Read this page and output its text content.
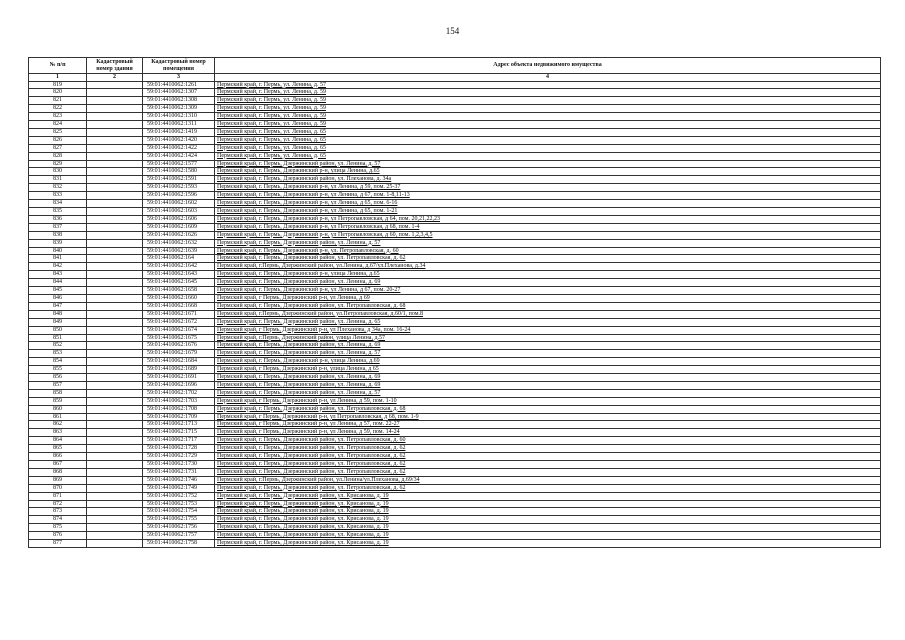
154
№ п/п	Кадастровый номер здания	Кадастровый номер помещения	Адрес объекта недвижимого имущества
1	2	3	4
819		59:01:4410062:1261	Пермский край, г. Пермь, ул. Ленина, д. 57
820		59:01:4410062:1307	Пермский край, г. Пермь, ул. Ленина, д. 59
821		59:01:4410062:1308	Пермский край, г. Пермь, ул. Ленина, д. 59
822		59:01:4410062:1309	Пермский край, г. Пермь, ул. Ленина, д. 59
823		59:01:4410062:1310	Пермский край, г. Пермь, ул. Ленина, д. 59
824		59:01:4410062:1311	Пермский край, г. Пермь, ул. Ленина, д. 59
825		59:01:4410062:1419	Пермский край, г. Пермь, ул. Ленина, д. 65
826		59:01:4410062:1420	Пермский край, г. Пермь, ул. Ленина, д. 65
827		59:01:4410062:1422	Пермский край, г. Пермь, ул. Ленина, д. 65
828		59:01:4410062:1424	Пермский край, г. Пермь, ул. Ленина, д. 65
829		59:01:4410062:1577	Пермский край, г. Пермь, Дзержинский район, ул. Ленина, д. 57
830		59:01:4410062:1580	Пермский край, г. Пермь, Дзержинский р-н, улица Ленина, д.65
831		59:01:4410062:1591	Пермский край, г. Пермь, Дзержинский район, ул. Плеханова, д. 34а
832		59:01:4410062:1593	Пермский край, г. Пермь, Дзержинский р-н, ул Ленина, д 59, пом. 25-37
833		59:01:4410062:1596	Пермский край, г. Пермь, Дзержинский р-н, ул Ленина, д 67, пом. 1-8,11-13
834		59:01:4410062:1602	Пермский край, г. Пермь, Дзержинский р-н, ул Ленина, д 65, пом. 6-16
835		59:01:4410062:1603	Пермский край, г. Пермь, Дзержинский р-н, ул Ленина, д 65, пом. 1-21
836		59:01:4410062:1606	Пермский край, г. Пермь, Дзержинский р-н, ул Петропавловская, д 64, пом. 20,21,22,23
837		59:01:4410062:1609	Пермский край, г. Пермь, Дзержинский р-н, ул Петропавловская, д 68, пом. 1-4
838		59:01:4410062:1626	Пермский край, г. Пермь, Дзержинский р-н, ул Петропавловская, д 60, пом. 1,2,3,4,5
839		59:01:4410062:1632	Пермский край, г. Пермь, Дзержинский район, ул. Ленина, д. 57
840		59:01:4410062:1639	Пермский край, г. Пермь, Дзержинский р-н, ул. Петропавловская, д. 60
841		59:01:4410062:164	Пермский край, г. Пермь, Дзержинский район, ул. Петропавловская, д. 62
842		59:01:4410062:1642	Пермский край, г.Пермь, Дзержинский район, ул.Ленина, д.67/ул.Плеханова, д.34
843		59:01:4410062:1643	Пермский край, г. Пермь, Дзержинский р-н, улица Ленина, д.65
844		59:01:4410062:1645	Пермский край, г. Пермь, Дзержинский район, ул. Ленина, д. 69
845		59:01:4410062:1658	Пермский край, г. Пермь, Дзержинский р-н, ул Ленина, д 67, пом. 20-27
846		59:01:4410062:1660	Пермский край, г Пермь, Дзержинский р-н, ул Ленина, д 69
847		59:01:4410062:1668	Пермский край, г. Пермь, Дзержинский район, ул. Петропавловская, д. 68
848		59:01:4410062:1671	Пермский край, г.Пермь, Дзержинский район, ул.Петропавловская, д.60/1, пом.8
849		59:01:4410062:1672	Пермский край, г. Пермь, Дзержинский район, ул. Ленина, д. 65
850		59:01:4410062:1674	Пермский край, г Пермь, Дзержинский р-н, ул Плеханова, д 34а, пом. 16-24
851		59:01:4410062:1675	Пермский край, г.Пермь, Дзержинский район, улица Ленина, д.57
852		59:01:4410062:1676	Пермский край, г. Пермь, Дзержинский район, ул. Ленина, д. 69
853		59:01:4410062:1679	Пермский край, г. Пермь, Дзержинский район, ул. Ленина, д. 57
854		59:01:4410062:1684	Пермский край, г. Пермь, Дзержинский р-н, улица Ленина, д.69
855		59:01:4410062:1689	Пермский край, г Пермь, Дзержинский р-н, улица Ленина, д 65
856		59:01:4410062:1691	Пермский край, г. Пермь, Дзержинский район, ул. Ленина, д. 69
857		59:01:4410062:1696	Пермский край, г. Пермь, Дзержинский район, ул. Ленина, д. 69
858		59:01:4410062:1702	Пермский край, г. Пермь, Дзержинский район, ул. Ленина, д. 57
859		59:01:4410062:1703	Пермский край, г Пермь, Дзержинский р-н, ул Ленина, д 59, пом. 1-10
860		59:01:4410062:1708	Пермский край, г. Пермь, Дзержинский район, ул. Петропавловская, д. 68
861		59:01:4410062:1709	Пермский край, г Пермь, Дзержинский р-н, ул Петропавловская, д 68, пом. 1-9
862		59:01:4410062:1713	Пермский край, г Пермь, Дзержинский р-н, ул Ленина, д 57, пом. 22-27
863		59:01:4410062:1715	Пермский край, г Пермь, Дзержинский р-н, ул Ленина, д 59, пом. 14-24
864		59:01:4410062:1717	Пермский край, г. Пермь, Дзержинский район, ул. Петропавловская, д. 60
865		59:01:4410062:1728	Пермский край, г. Пермь, Дзержинский район, ул. Петропавловская, д. 62
866		59:01:4410062:1729	Пермский край, г. Пермь, Дзержинский район, ул. Петропавловская, д. 62
867		59:01:4410062:1730	Пермский край, г. Пермь, Дзержинский район, ул. Петропавловская, д. 62
868		59:01:4410062:1731	Пермский край, г. Пермь, Дзержинский район, ул. Петропавловская, д. 62
869		59:01:4410062:1746	Пермский край, г.Пермь, Дзержинский район, ул.Ленина/ул.Плеханова, д.69/34
870		59:01:4410062:1749	Пермский край, г. Пермь, Дзержинский район, ул. Петропавловская, д. 62
871		59:01:4410062:1752	Пермский край, г. Пермь, Дзержинский район, ул. Крисанова, д. 19
872		59:01:4410062:1753	Пермский край, г. Пермь, Дзержинский район, ул. Крисанова, д. 19
873		59:01:4410062:1754	Пермский край, г. Пермь, Дзержинский район, ул. Крисанова, д. 19
874		59:01:4410062:1755	Пермский край, г. Пермь, Дзержинский район, ул. Крисанова, д. 19
875		59:01:4410062:1756	Пермский край, г. Пермь, Дзержинский район, ул. Крисанова, д. 19
876		59:01:4410062:1757	Пермский край, г. Пермь, Дзержинский район, ул. Крисанова, д. 19
877		59:01:4410062:1758	Пермский край, г. Пермь, Дзержинский район, ул. Крисанова, д. 19
